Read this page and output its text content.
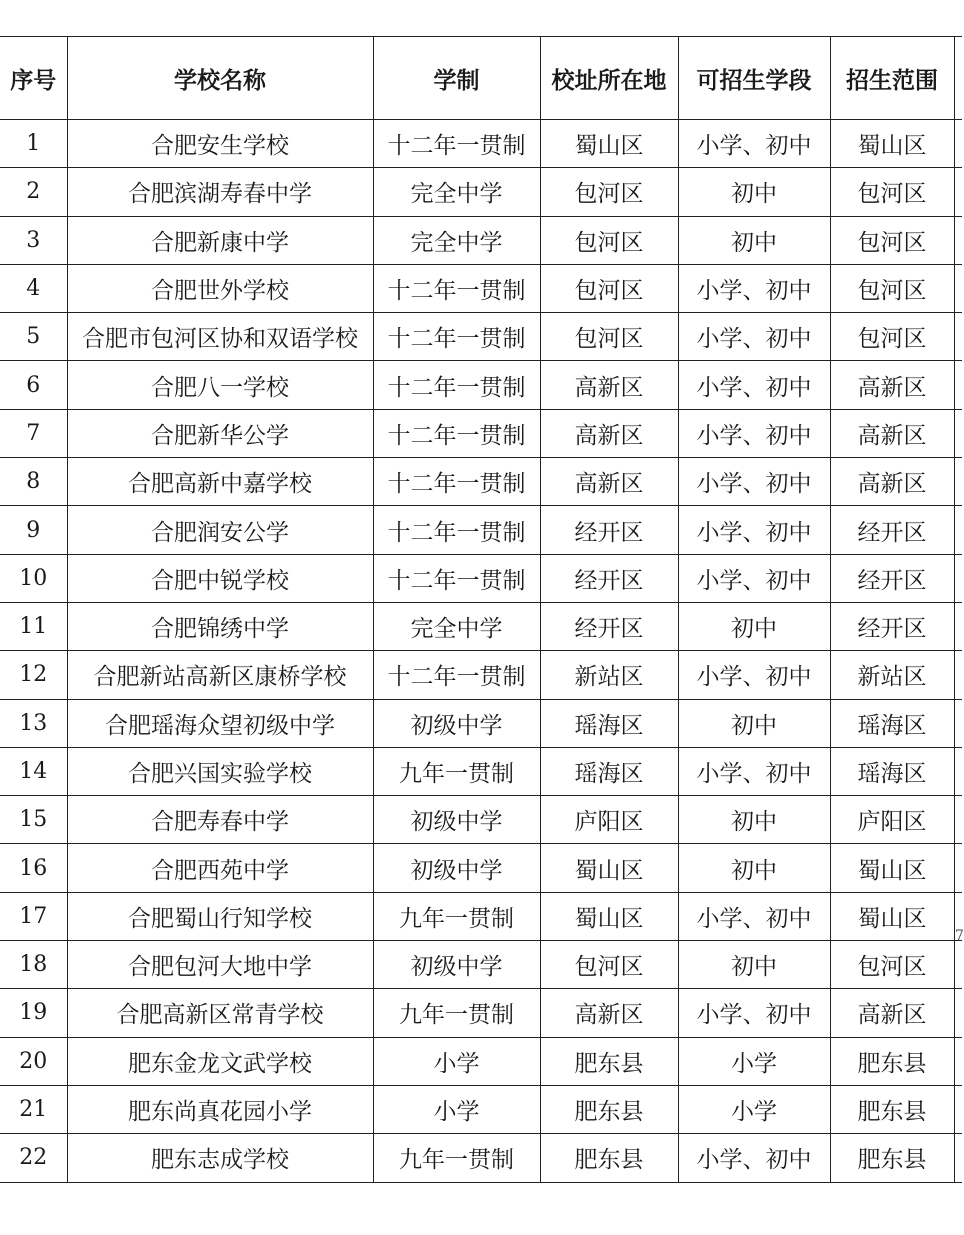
序号	学校名称	学制	校址所在地	可招生学段	招生范围	
1	合肥安生学校	十二年一贯制	蜀山区	小学、初中	蜀山区	
2	合肥滨湖寿春中学	完全中学	包河区	初中	包河区	
3	合肥新康中学	完全中学	包河区	初中	包河区	
4	合肥世外学校	十二年一贯制	包河区	小学、初中	包河区	
5	合肥市包河区协和双语学校	十二年一贯制	包河区	小学、初中	包河区	
6	合肥八一学校	十二年一贯制	高新区	小学、初中	高新区	
7	合肥新华公学	十二年一贯制	高新区	小学、初中	高新区	
8	合肥高新中嘉学校	十二年一贯制	高新区	小学、初中	高新区	
9	合肥润安公学	十二年一贯制	经开区	小学、初中	经开区	
10	合肥中锐学校	十二年一贯制	经开区	小学、初中	经开区	
11	合肥锦绣中学	完全中学	经开区	初中	经开区	
12	合肥新站高新区康桥学校	十二年一贯制	新站区	小学、初中	新站区	
13	合肥瑶海众望初级中学	初级中学	瑶海区	初中	瑶海区	
14	合肥兴国实验学校	九年一贯制	瑶海区	小学、初中	瑶海区	
15	合肥寿春中学	初级中学	庐阳区	初中	庐阳区	
16	合肥西苑中学	初级中学	蜀山区	初中	蜀山区	
17	合肥蜀山行知学校	九年一贯制	蜀山区	小学、初中	蜀山区	
18	合肥包河大地中学	初级中学	包河区	初中	包河区	
19	合肥高新区常青学校	九年一贯制	高新区	小学、初中	高新区	
20	肥东金龙文武学校	小学	肥东县	小学	肥东县	
21	肥东尚真花园小学	小学	肥东县	小学	肥东县	
22	肥东志成学校	九年一贯制	肥东县	小学、初中	肥东县	
7
